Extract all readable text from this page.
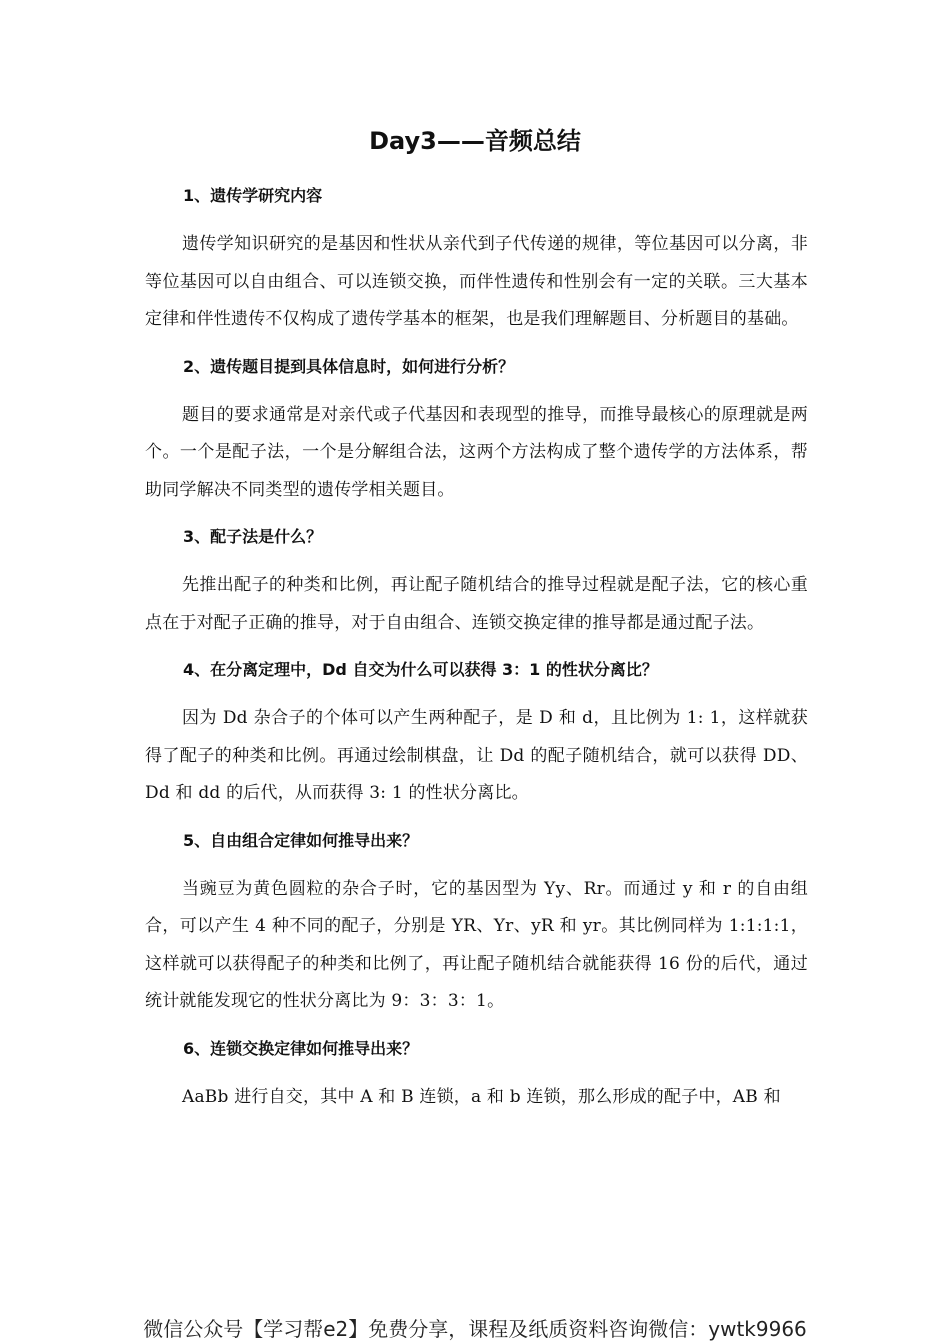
Day3——音频总结

1、遗传学研究内容

遗传学知识研究的是基因和性状从亲代到子代传递的规律，等位基因可以分离，非等位基因可以自由组合、可以连锁交换，而伴性遗传和性别会有一定的关联。三大基本定律和伴性遗传不仅构成了遗传学基本的框架，也是我们理解题目、分析题目的基础。

2、遗传题目提到具体信息时，如何进行分析？

题目的要求通常是对亲代或子代基因和表现型的推导，而推导最核心的原理就是两个。一个是配子法，一个是分解组合法，这两个方法构成了整个遗传学的方法体系，帮助同学解决不同类型的遗传学相关题目。

3、配子法是什么？

先推出配子的种类和比例，再让配子随机结合的推导过程就是配子法，它的核心重点在于对配子正确的推导，对于自由组合、连锁交换定律的推导都是通过配子法。

4、在分离定理中，Dd 自交为什么可以获得 3：1 的性状分离比？

因为 Dd 杂合子的个体可以产生两种配子，是 D 和 d，且比例为 1: 1，这样就获得了配子的种类和比例。再通过绘制棋盘，让 Dd 的配子随机结合，就可以获得 DD、Dd 和 dd 的后代，从而获得 3: 1 的性状分离比。

5、自由组合定律如何推导出来？

当豌豆为黄色圆粒的杂合子时，它的基因型为 Yy、Rr。而通过 y 和 r 的自由组合，可以产生 4 种不同的配子，分别是 YR、Yr、yR 和 yr。其比例同样为 1:1:1:1，这样就可以获得配子的种类和比例了，再让配子随机结合就能获得 16 份的后代，通过统计就能发现它的性状分离比为 9：3：3：1。

6、连锁交换定律如何推导出来？

AaBb 进行自交，其中 A 和 B 连锁，a 和 b 连锁，那么形成的配子中，AB 和

微信公众号【学习帮e2】免费分享，课程及纸质资料咨询微信：ywtk9966
